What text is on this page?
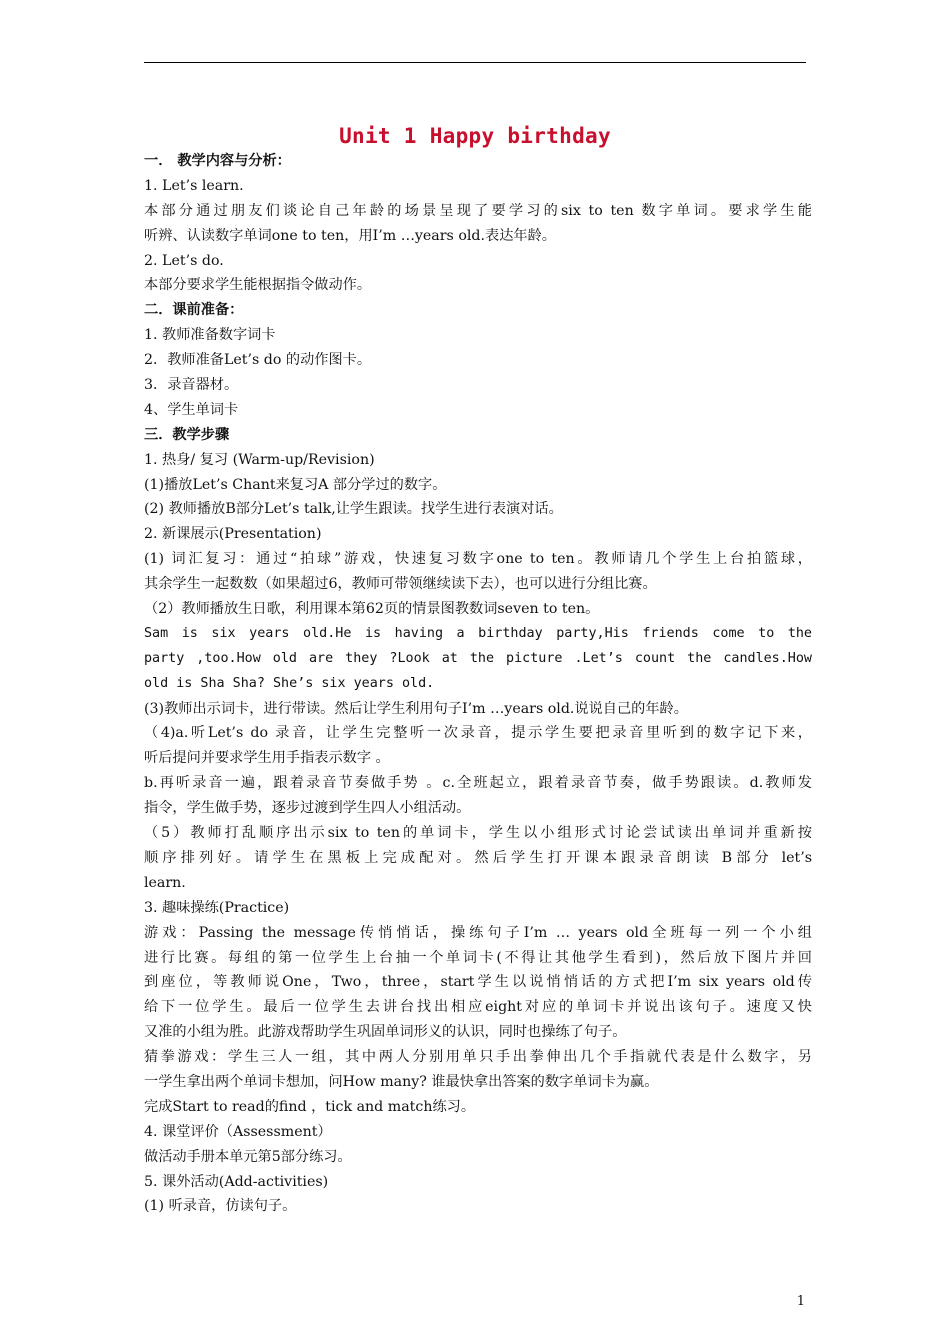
Unit 1 Happy birthday
一． 教学内容与分析：
1. Let’s learn.
本部分通过朋友们谈论自己年龄的场景呈现了要学习的six to ten 数字单词。要求学生能
听辨、认读数字单词one to ten，用I’m …years old.表达年龄。
2. Let’s do.
本部分要求学生能根据指令做动作。
二．课前准备：
1. 教师准备数字词卡
2．教师准备Let’s do 的动作图卡。
3．录音器材。
4、学生单词卡
三．教学步骤
1. 热身/ 复习 (Warm-up/Revision)
(1)播放Let’s Chant来复习A 部分学过的数字。
(2) 教师播放B部分Let’s talk,让学生跟读。找学生进行表演对话。
2. 新课展示(Presentation)
(1) 词汇复习：通过“拍球”游戏，快速复习数字one to ten。教师请几个学生上台拍篮球，
其余学生一起数数（如果超过6，教师可带领继续读下去），也可以进行分组比赛。
（2）教师播放生日歌，利用课本第62页的情景图教数词seven to ten。
Sam is six years old.He is having a birthday party,His friends come to the
party ,too.How old are they ?Look at the picture .Let’s count the candles.How
old is Sha Sha? She’s six years old.
(3)教师出示词卡，进行带读。然后让学生利用句子I’m …years old.说说自己的年龄。
（4)a.听Let’s do 录音，让学生完整听一次录音，提示学生要把录音里听到的数字记下来，
听后提问并要求学生用手指表示数字 。
b.再听录音一遍，跟着录音节奏做手势 。c.全班起立，跟着录音节奏，做手势跟读。d.教师发
指令，学生做手势，逐步过渡到学生四人小组活动。
（5）教师打乱顺序出示six to ten的单词卡，学生以小组形式讨论尝试读出单词并重新按
顺序排列好。请学生在黑板上完成配对。然后学生打开课本跟录音朗读 B部分 let’s
learn.
3. 趣味操练(Practice)
游戏：Passing the message传悄悄话，操练句子I’m … years old全班每一列一个小组
进行比赛。每组的第一位学生上台抽一个单词卡(不得让其他学生看到)，然后放下图片并回
到座位，等教师说One，Two，three，start学生以说悄悄话的方式把I’m six years old传
给下一位学生。最后一位学生去讲台找出相应eight对应的单词卡并说出该句子。速度又快
又准的小组为胜。此游戏帮助学生巩固单词形义的认识，同时也操练了句子。
猜拳游戏：学生三人一组，其中两人分别用单只手出拳伸出几个手指就代表是什么数字，另
一学生拿出两个单词卡想加，问How many? 谁最快拿出答案的数字单词卡为赢。
完成Start to read的find ，tick and match练习。
4. 课堂评价（Assessment）
做活动手册本单元第5部分练习。
5. 课外活动(Add-activities)
(1) 听录音，仿读句子。
1
